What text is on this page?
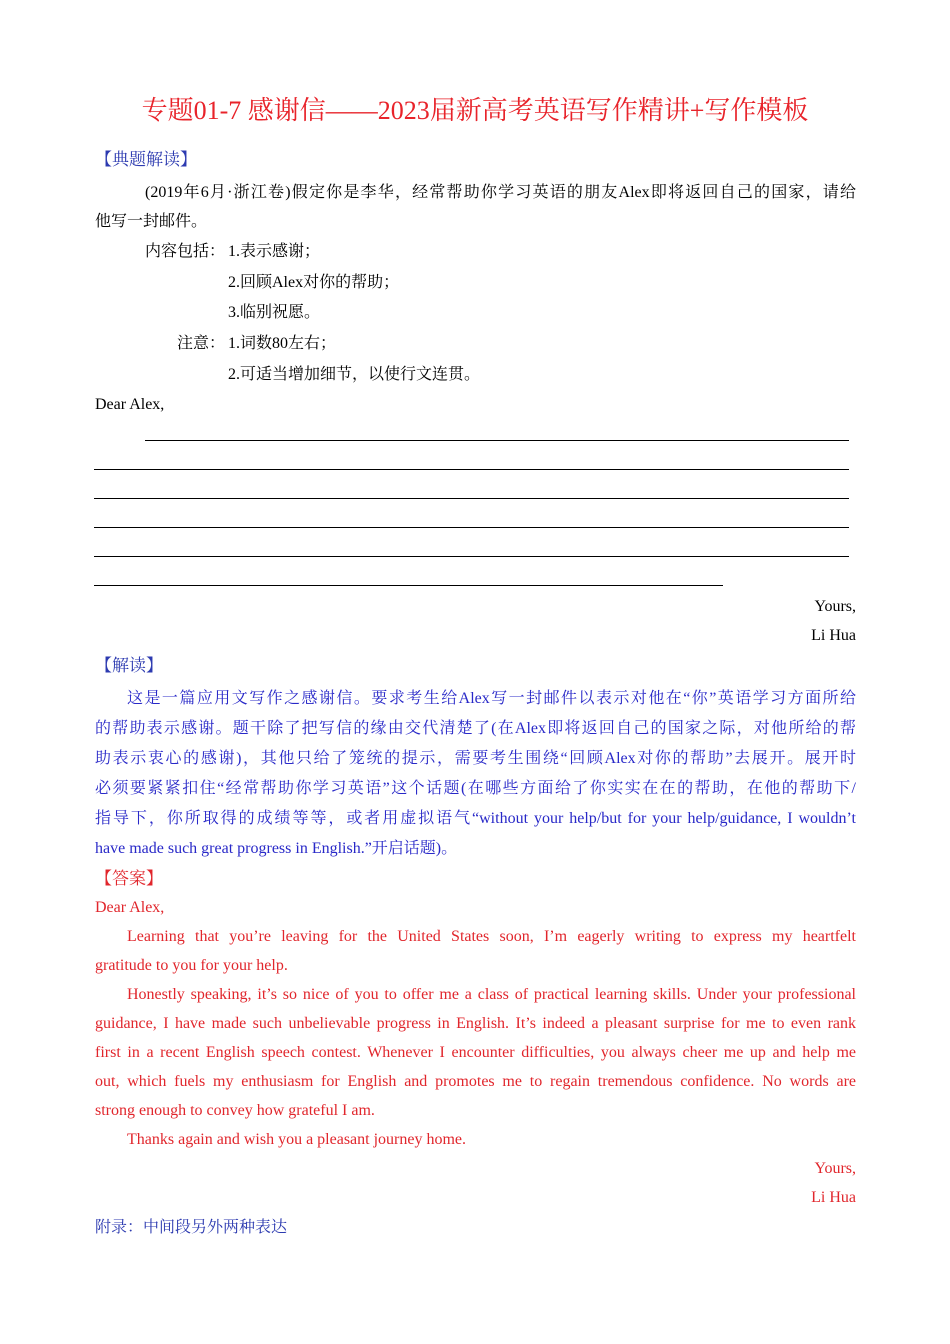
专题01-7 感谢信——2023届新高考英语写作精讲+写作模板
【典题解读】
(2019年6月·浙江卷)假定你是李华，经常帮助你学习英语的朋友Alex即将返回自己的国家，请给
他写一封邮件。
内容包括： 1.表示感谢；
2.回顾Alex对你的帮助；
3.临别祝愿。
注意： 1.词数80左右；
2.可适当增加细节，以使行文连贯。
Dear Alex,
Yours,
Li Hua
【解读】
这是一篇应用文写作之感谢信。要求考生给Alex写一封邮件以表示对他在“你”英语学习方面所给
的帮助表示感谢。题干除了把写信的缘由交代清楚了(在Alex即将返回自己的国家之际，对他所给的帮
助表示衷心的感谢)，其他只给了笼统的提示，需要考生围绕“回顾Alex对你的帮助”去展开。展开时
必须要紧紧扣住“经常帮助你学习英语”这个话题(在哪些方面给了你实实在在的帮助，在他的帮助下/
指导下，你所取得的成绩等等，或者用虚拟语气“without your help/but for your help/guidance, I wouldn’t
have made such great progress in English.”开启话题)。
【答案】
Dear Alex,
Learning that you’re leaving for the United States soon, I’m eagerly writing to express my heartfelt
gratitude to you for your help.
Honestly speaking, it’s so nice of you to offer me a class of practical learning skills. Under your professional
guidance, I have made such unbelievable progress in English. It’s indeed a pleasant surprise for me to even rank
first in a recent English speech contest. Whenever I encounter difficulties, you always cheer me up and help me
out, which fuels my enthusiasm for English and promotes me to regain tremendous confidence. No words are
strong enough to convey how grateful I am.
Thanks again and wish you a pleasant journey home.
Yours,
Li Hua
附录：中间段另外两种表达
